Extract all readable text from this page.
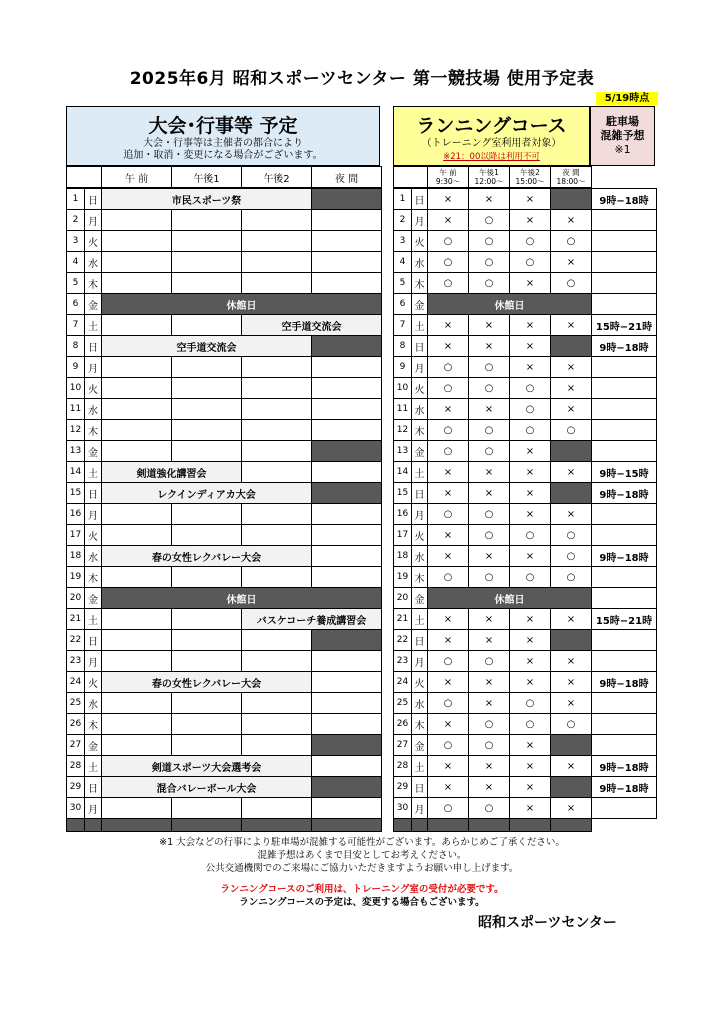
2025年6月 昭和スポーツセンター 第一競技場 使用予定表
5/19時点
大会･行事等 予定
大会・行事等は主催者の都合により
追加・取消・変更になる場合がございます。
ランニングコース
（トレーニング室利用者対象）
※21：00以降は利用不可
駐車場
混雑予想
※1
	午 前	午後1	午後2	夜 間

午 前
9:30～

午後1
12:00～

午後2
15:00～

夜 間
18:00～
1	日	市民スポーツ祭			
2	月				
3	火				
4	水				
5	木				
6	金	休館日			
7	土			空手道交流会	
8	日	空手道交流会			
9	月				
10	火				
11	水				
12	木				
13	金				
14	土	剣道強化講習会			
15	日	レクインディアカ大会			
16	月				
17	火				
18	水	春の女性レクバレー大会			
19	木				
20	金	休館日			
21	土			バスケコーチ養成講習会	
22	日				
23	月				
24	火	春の女性レクバレー大会			
25	水				
26	木				
27	金				
28	土	剣道スポーツ大会選考会			
29	日	混合バレーボール大会			
30	月				

1	日	×	×	×		9時−18時
2	月	×	○	×	×	
3	火	○	○	○	○	
4	水	○	○	○	×	
5	木	○	○	×	○	
6	金	休館日				
7	土	×	×	×	×	15時−21時
8	日	×	×	×		9時−18時
9	月	○	○	×	×	
10	火	○	○	○	×	
11	水	×	×	○	×	
12	木	○	○	○	○	
13	金	○	○	×		
14	土	×	×	×	×	9時−15時
15	日	×	×	×		9時−18時
16	月	○	○	×	×	
17	火	×	○	○	○	
18	水	×	×	×	○	9時−18時
19	木	○	○	○	○	
20	金	休館日				
21	土	×	×	×	×	15時−21時
22	日	×	×	×		
23	月	○	○	×	×	
24	火	×	×	×	×	9時−18時
25	水	○	×	○	×	
26	木	×	○	○	○	
27	金	○	○	×		
28	土	×	×	×	×	9時−18時
29	日	×	×	×		9時−18時
30	月	○	○	×	×	

※1 大会などの行事により駐車場が混雑する可能性がございます。あらかじめご了承ください。
混雑予想はあくまで目安としてお考えください。
公共交通機関でのご来場にご協力いただきますようお願い申し上げます。
ランニングコースのご利用は、トレーニング室の受付が必要です。
ランニングコースの予定は、変更する場合もございます。
昭和スポーツセンター
